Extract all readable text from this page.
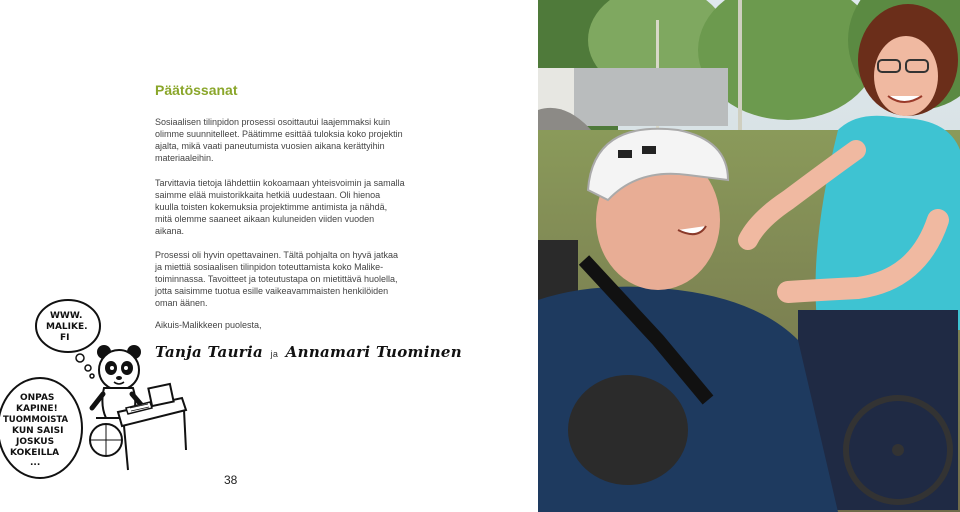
Päätössanat

Sosiaalisen tilinpidon prosessi osoittautui laajemmaksi kuin olimme suunnitelleet. Päätimme esittää tuloksia koko projektin ajalta, mikä vaati paneutumista vuosien aikana kerättyihin materiaaleihin.

Tarvittavia tietoja lähdettiin kokoamaan yhteisvoimin ja samalla saimme elää muistorikkaita hetkiä uudestaan. Oli hienoa kuulla toisten kokemuksia projektimme antimista ja nähdä, mitä olemme saaneet aikaan kuluneiden viiden vuoden aikana.

Prosessi oli hyvin opettavainen. Tältä pohjalta on hyvä jatkaa ja miettiä sosiaalisen tilinpidon toteuttamista koko Malike-toiminnassa. Tavoitteet ja toteutustapa on mietittävä huolella, jotta saisimme tuotua esille vaikeavammaisten henkilöiden oman äänen.

Aikuis-Malikkeen puolesta,

Tanja Tauria ja Annamari Tuominen
WWW.
MALIKE.
FI
ONPAS
KAPINE!
TUOMMOISTA
KUN SAISI
JOSKUS
KOKEILLA
...
38
